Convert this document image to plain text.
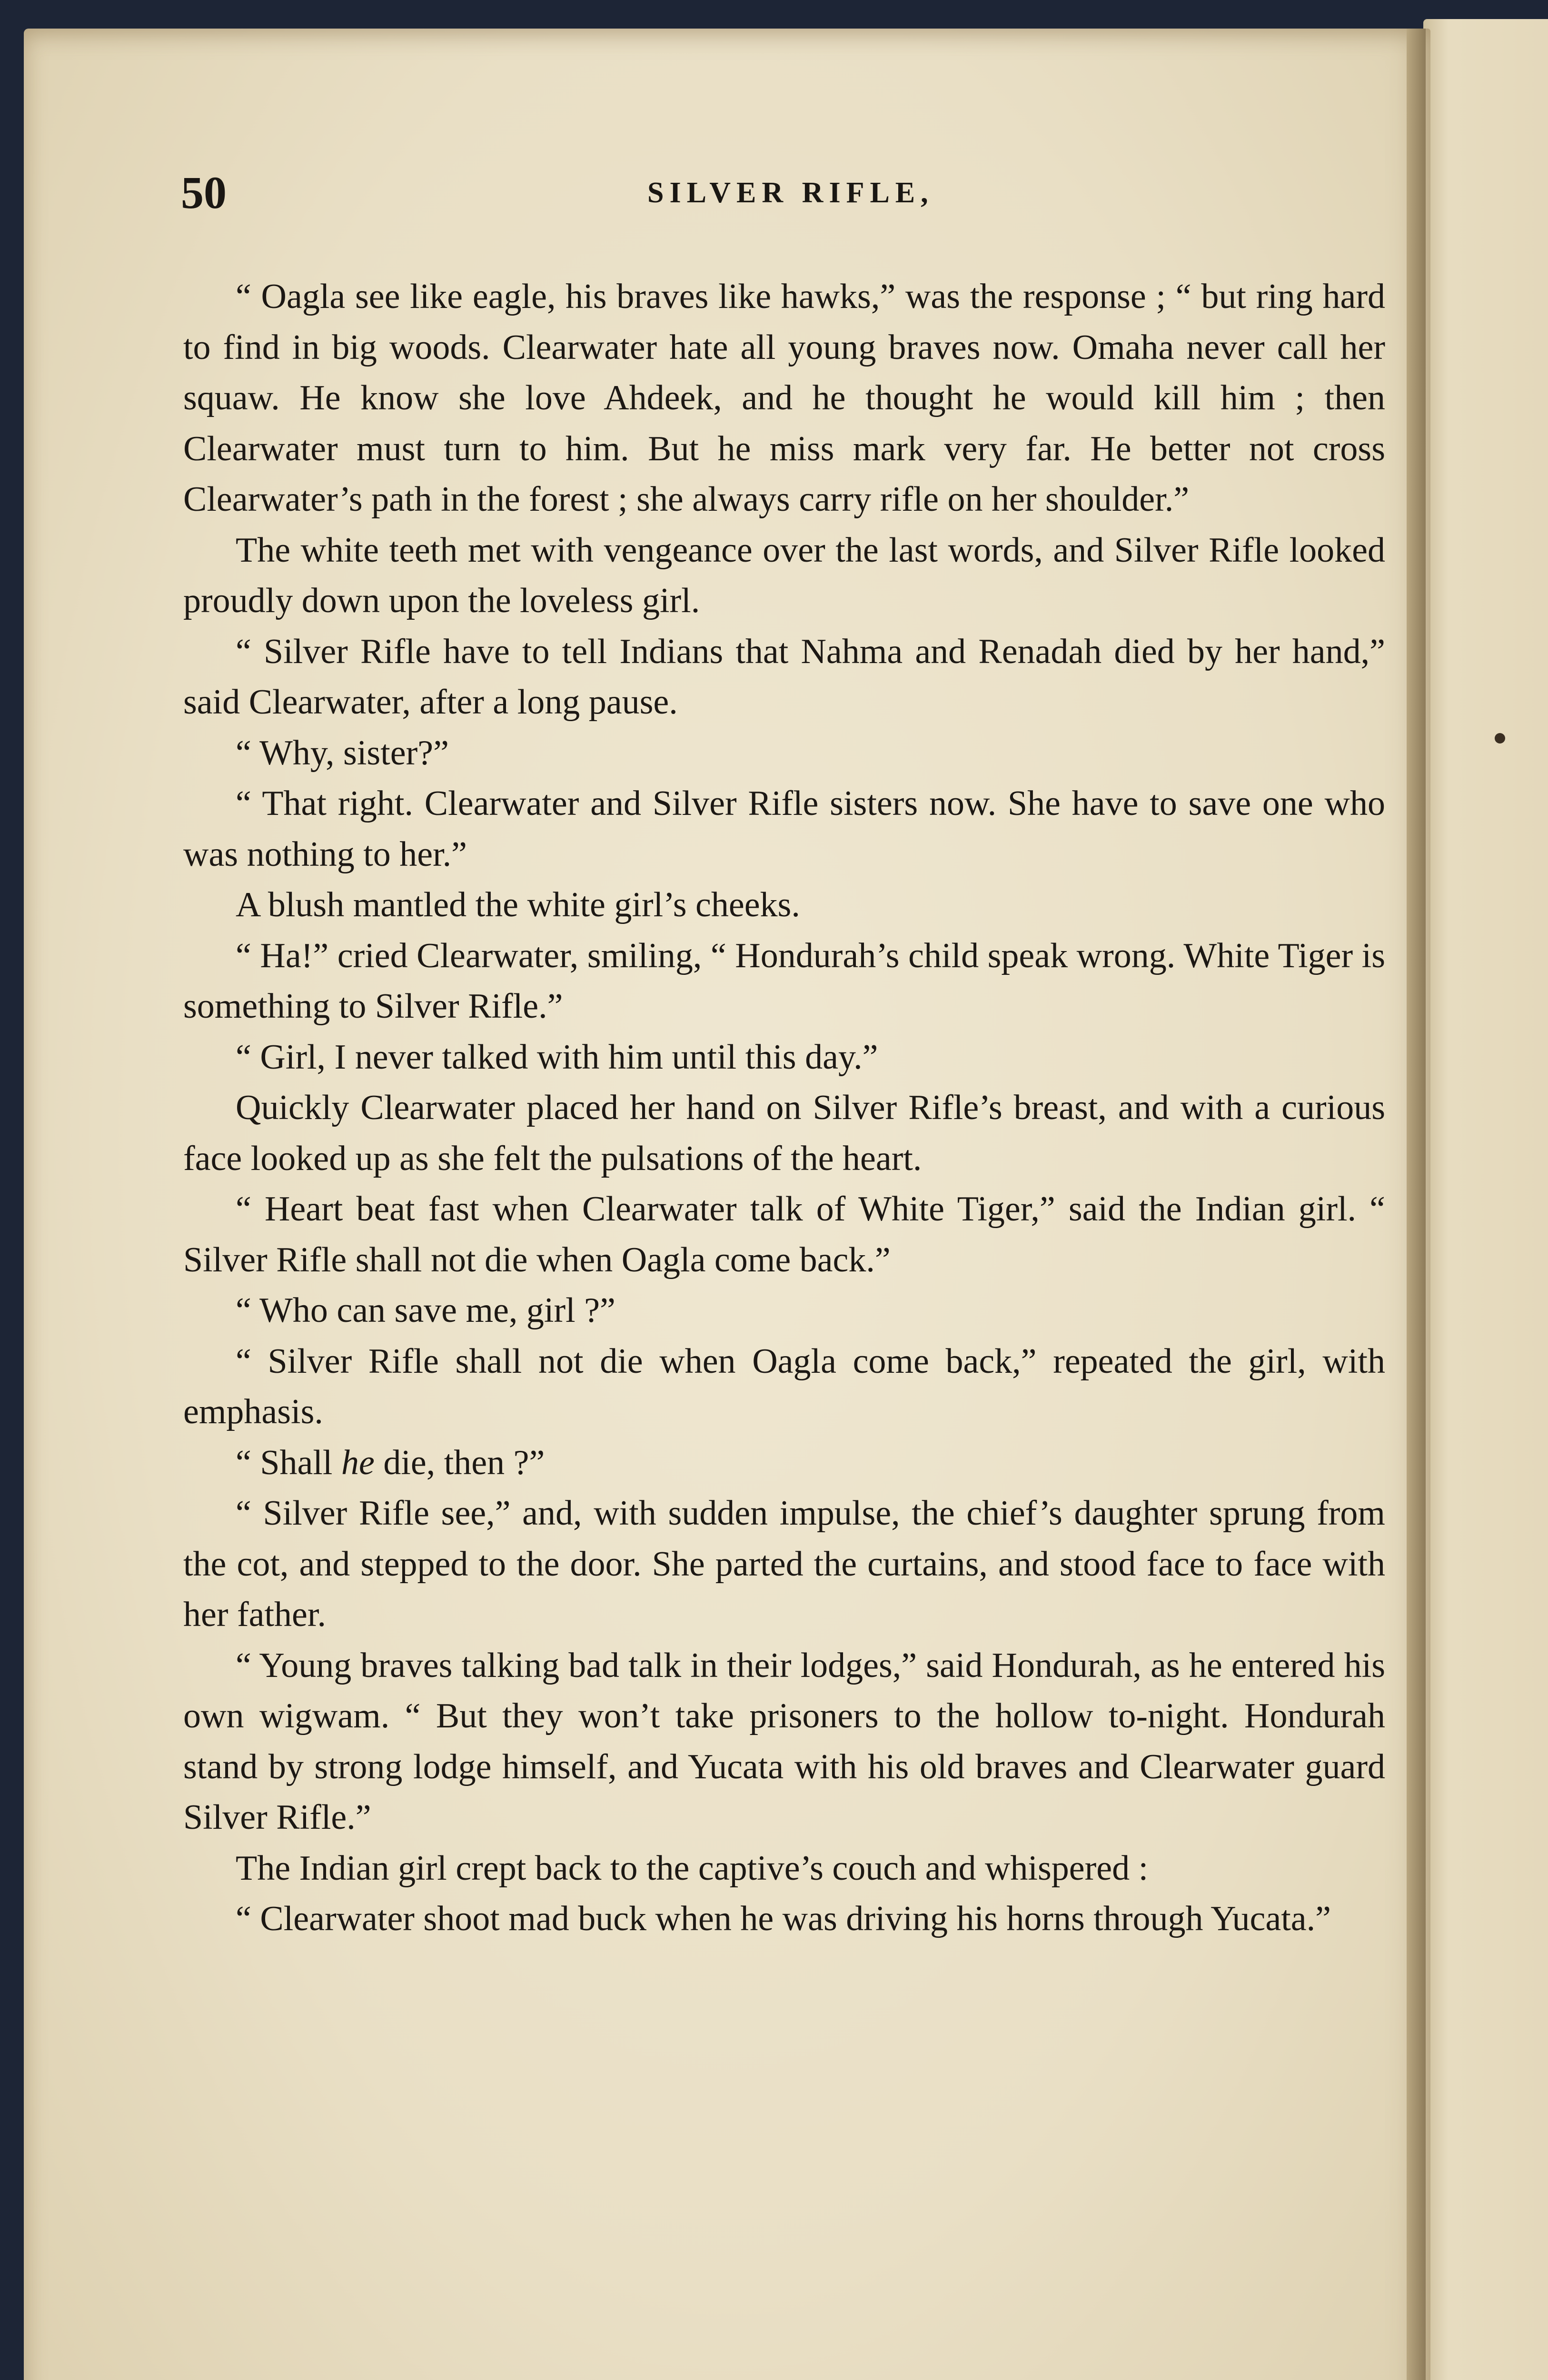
50	SILVER RIFLE,

“ Oagla see like eagle, his braves like hawks,” was the response ; “ but ring hard to find in big woods. Clearwater hate all young braves now. Omaha never call her squaw. He know she love Ahdeek, and he thought he would kill him ; then Clearwater must turn to him. But he miss mark very far. He better not cross Clearwater’s path in the forest ; she always carry rifle on her shoulder.”

The white teeth met with vengeance over the last words, and Silver Rifle looked proudly down upon the loveless girl.

“ Silver Rifle have to tell Indians that Nahma and Renadah died by her hand,” said Clearwater, after a long pause.

“ Why, sister?”

“ That right. Clearwater and Silver Rifle sisters now. She have to save one who was nothing to her.”

A blush mantled the white girl’s cheeks.

“ Ha!” cried Clearwater, smiling, “ Hondurah’s child speak wrong. White Tiger is something to Silver Rifle.”

“ Girl, I never talked with him until this day.”

Quickly Clearwater placed her hand on Silver Rifle’s breast, and with a curious face looked up as she felt the pulsations of the heart.

“ Heart beat fast when Clearwater talk of White Tiger,” said the Indian girl. “ Silver Rifle shall not die when Oagla come back.”

“ Who can save me, girl ?”

“ Silver Rifle shall not die when Oagla come back,” repeated the girl, with emphasis.

“ Shall he die, then ?”

“ Silver Rifle see,” and, with sudden impulse, the chief’s daughter sprung from the cot, and stepped to the door. She parted the curtains, and stood face to face with her father.

“ Young braves talking bad talk in their lodges,” said Hondurah, as he entered his own wigwam. “ But they won’t take prisoners to the hollow to-night. Hondurah stand by strong lodge himself, and Yucata with his old braves and Clearwater guard Silver Rifle.”

The Indian girl crept back to the captive’s couch and whispered :

“ Clearwater shoot mad buck when he was driving his horns through Yucata.”
